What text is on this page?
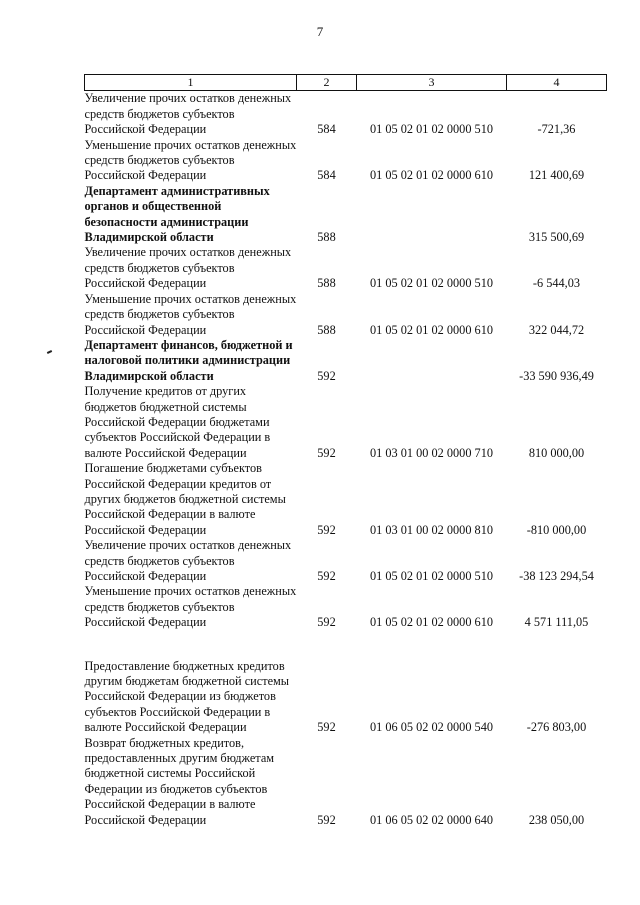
7
1	2	3	4
Увеличение прочих остатков денежных средств бюджетов субъектов Российской Федерации	584	01 05 02 01 02 0000 510	-721,36
Уменьшение прочих остатков денежных средств бюджетов субъектов Российской Федерации	584	01 05 02 01 02 0000 610	121 400,69
Департамент административных органов и общественной безопасности администрации Владимирской области	588		315 500,69
Увеличение прочих остатков денежных средств бюджетов субъектов Российской Федерации	588	01 05 02 01 02 0000 510	-6 544,03
Уменьшение прочих остатков денежных средств бюджетов субъектов Российской Федерации	588	01 05 02 01 02 0000 610	322 044,72
Департамент финансов, бюджетной и налоговой политики администрации Владимирской области	592		-33 590 936,49
Получение кредитов от других бюджетов бюджетной системы Российской Федерации бюджетами субъектов Российской Федерации в валюте Российской Федерации	592	01 03 01 00 02 0000 710	810 000,00
Погашение бюджетами субъектов Российской Федерации кредитов от других бюджетов бюджетной системы Российской Федерации в валюте Российской Федерации	592	01 03 01 00 02 0000 810	-810 000,00
Увеличение прочих остатков денежных средств бюджетов субъектов Российской Федерации	592	01 05 02 01 02 0000 510	-38 123 294,54
Уменьшение прочих остатков денежных средств бюджетов субъектов Российской Федерации	592	01 05 02 01 02 0000 610	4 571 111,05

Предоставление бюджетных кредитов другим бюджетам бюджетной системы Российской Федерации из бюджетов субъектов Российской Федерации в валюте Российской Федерации	592	01 06 05 02 02 0000 540	-276 803,00
Возврат бюджетных кредитов, предоставленных другим бюджетам бюджетной системы Российской Федерации из бюджетов субъектов Российской Федерации в валюте Российской Федерации	592	01 06 05 02 02 0000 640	238 050,00
